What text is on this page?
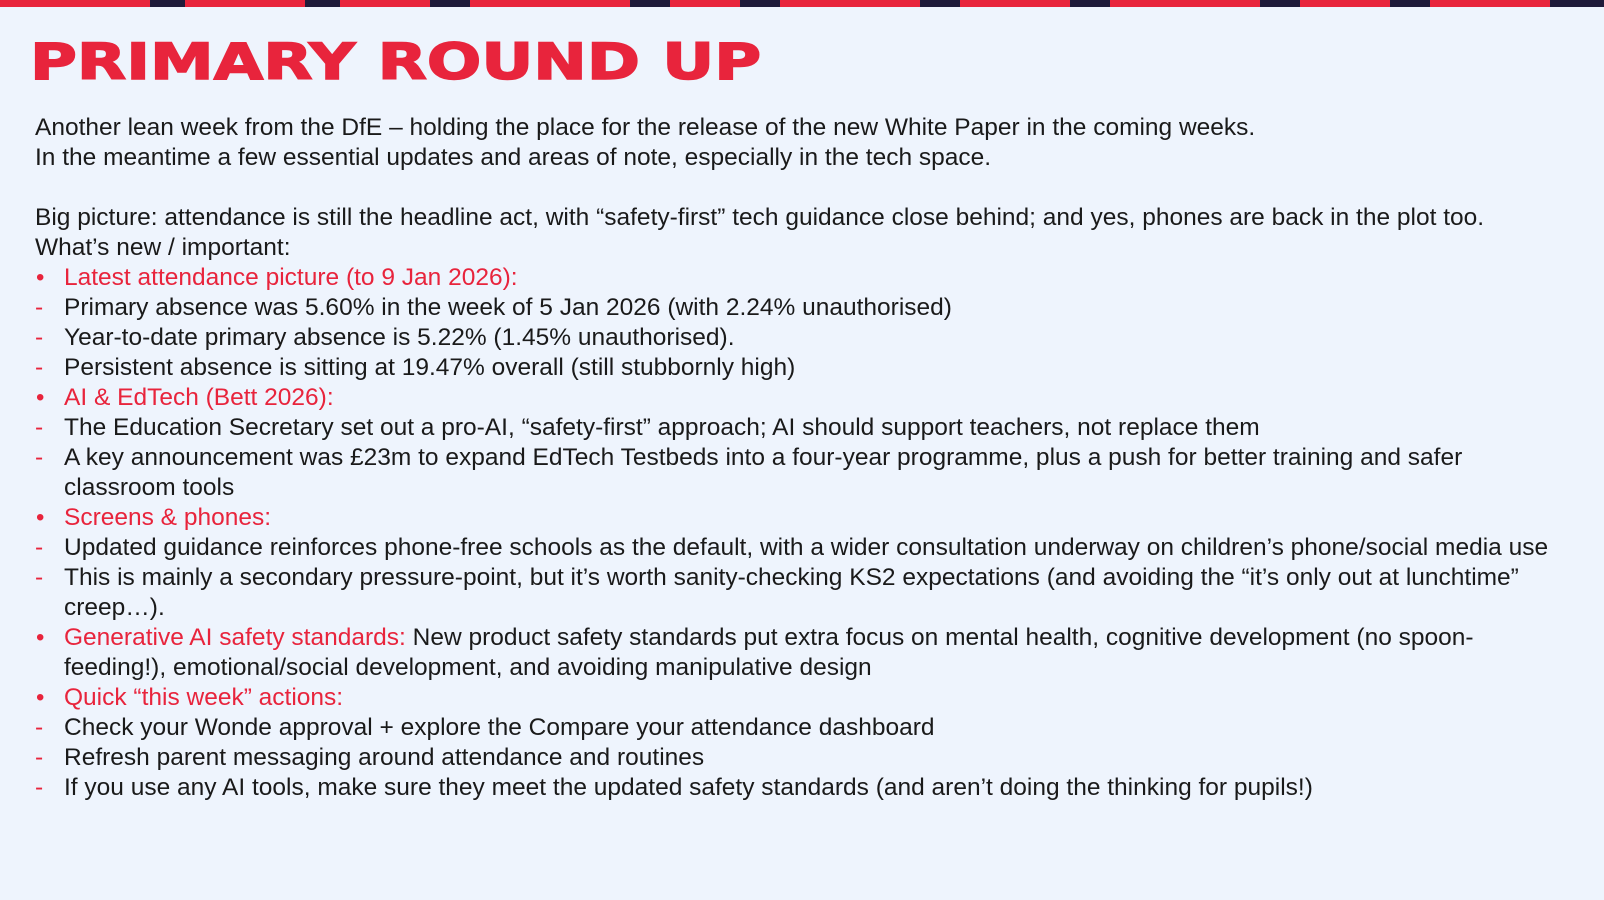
PRIMARY ROUND UP

Another lean week from the DfE – holding the place for the release of the new White Paper in the coming weeks.

In the meantime a few essential updates and areas of note, especially in the tech space.

Big picture: attendance is still the headline act, with “safety-first” tech guidance close behind; and yes, phones are back in the plot too.

What’s new / important:

• Latest attendance picture (to 9 Jan 2026):
- Primary absence was 5.60% in the week of 5 Jan 2026 (with 2.24% unauthorised)
- Year-to-date primary absence is 5.22% (1.45% unauthorised).
- Persistent absence is sitting at 19.47% overall (still stubbornly high)
• AI & EdTech (Bett 2026):
- The Education Secretary set out a pro-AI, “safety-first” approach; AI should support teachers, not replace them
- A key announcement was £23m to expand EdTech Testbeds into a four-year programme, plus a push for better training and safer classroom tools
• Screens & phones:
- Updated guidance reinforces phone-free schools as the default, with a wider consultation underway on children’s phone/social media use
- This is mainly a secondary pressure-point, but it’s worth sanity-checking KS2 expectations (and avoiding the “it’s only out at lunchtime” creep…).
• Generative AI safety standards: New product safety standards put extra focus on mental health, cognitive development (no spoon-feeding!), emotional/social development, and avoiding manipulative design
• Quick “this week” actions:
- Check your Wonde approval + explore the Compare your attendance dashboard
- Refresh parent messaging around attendance and routines
- If you use any AI tools, make sure they meet the updated safety standards (and aren’t doing the thinking for pupils!)
